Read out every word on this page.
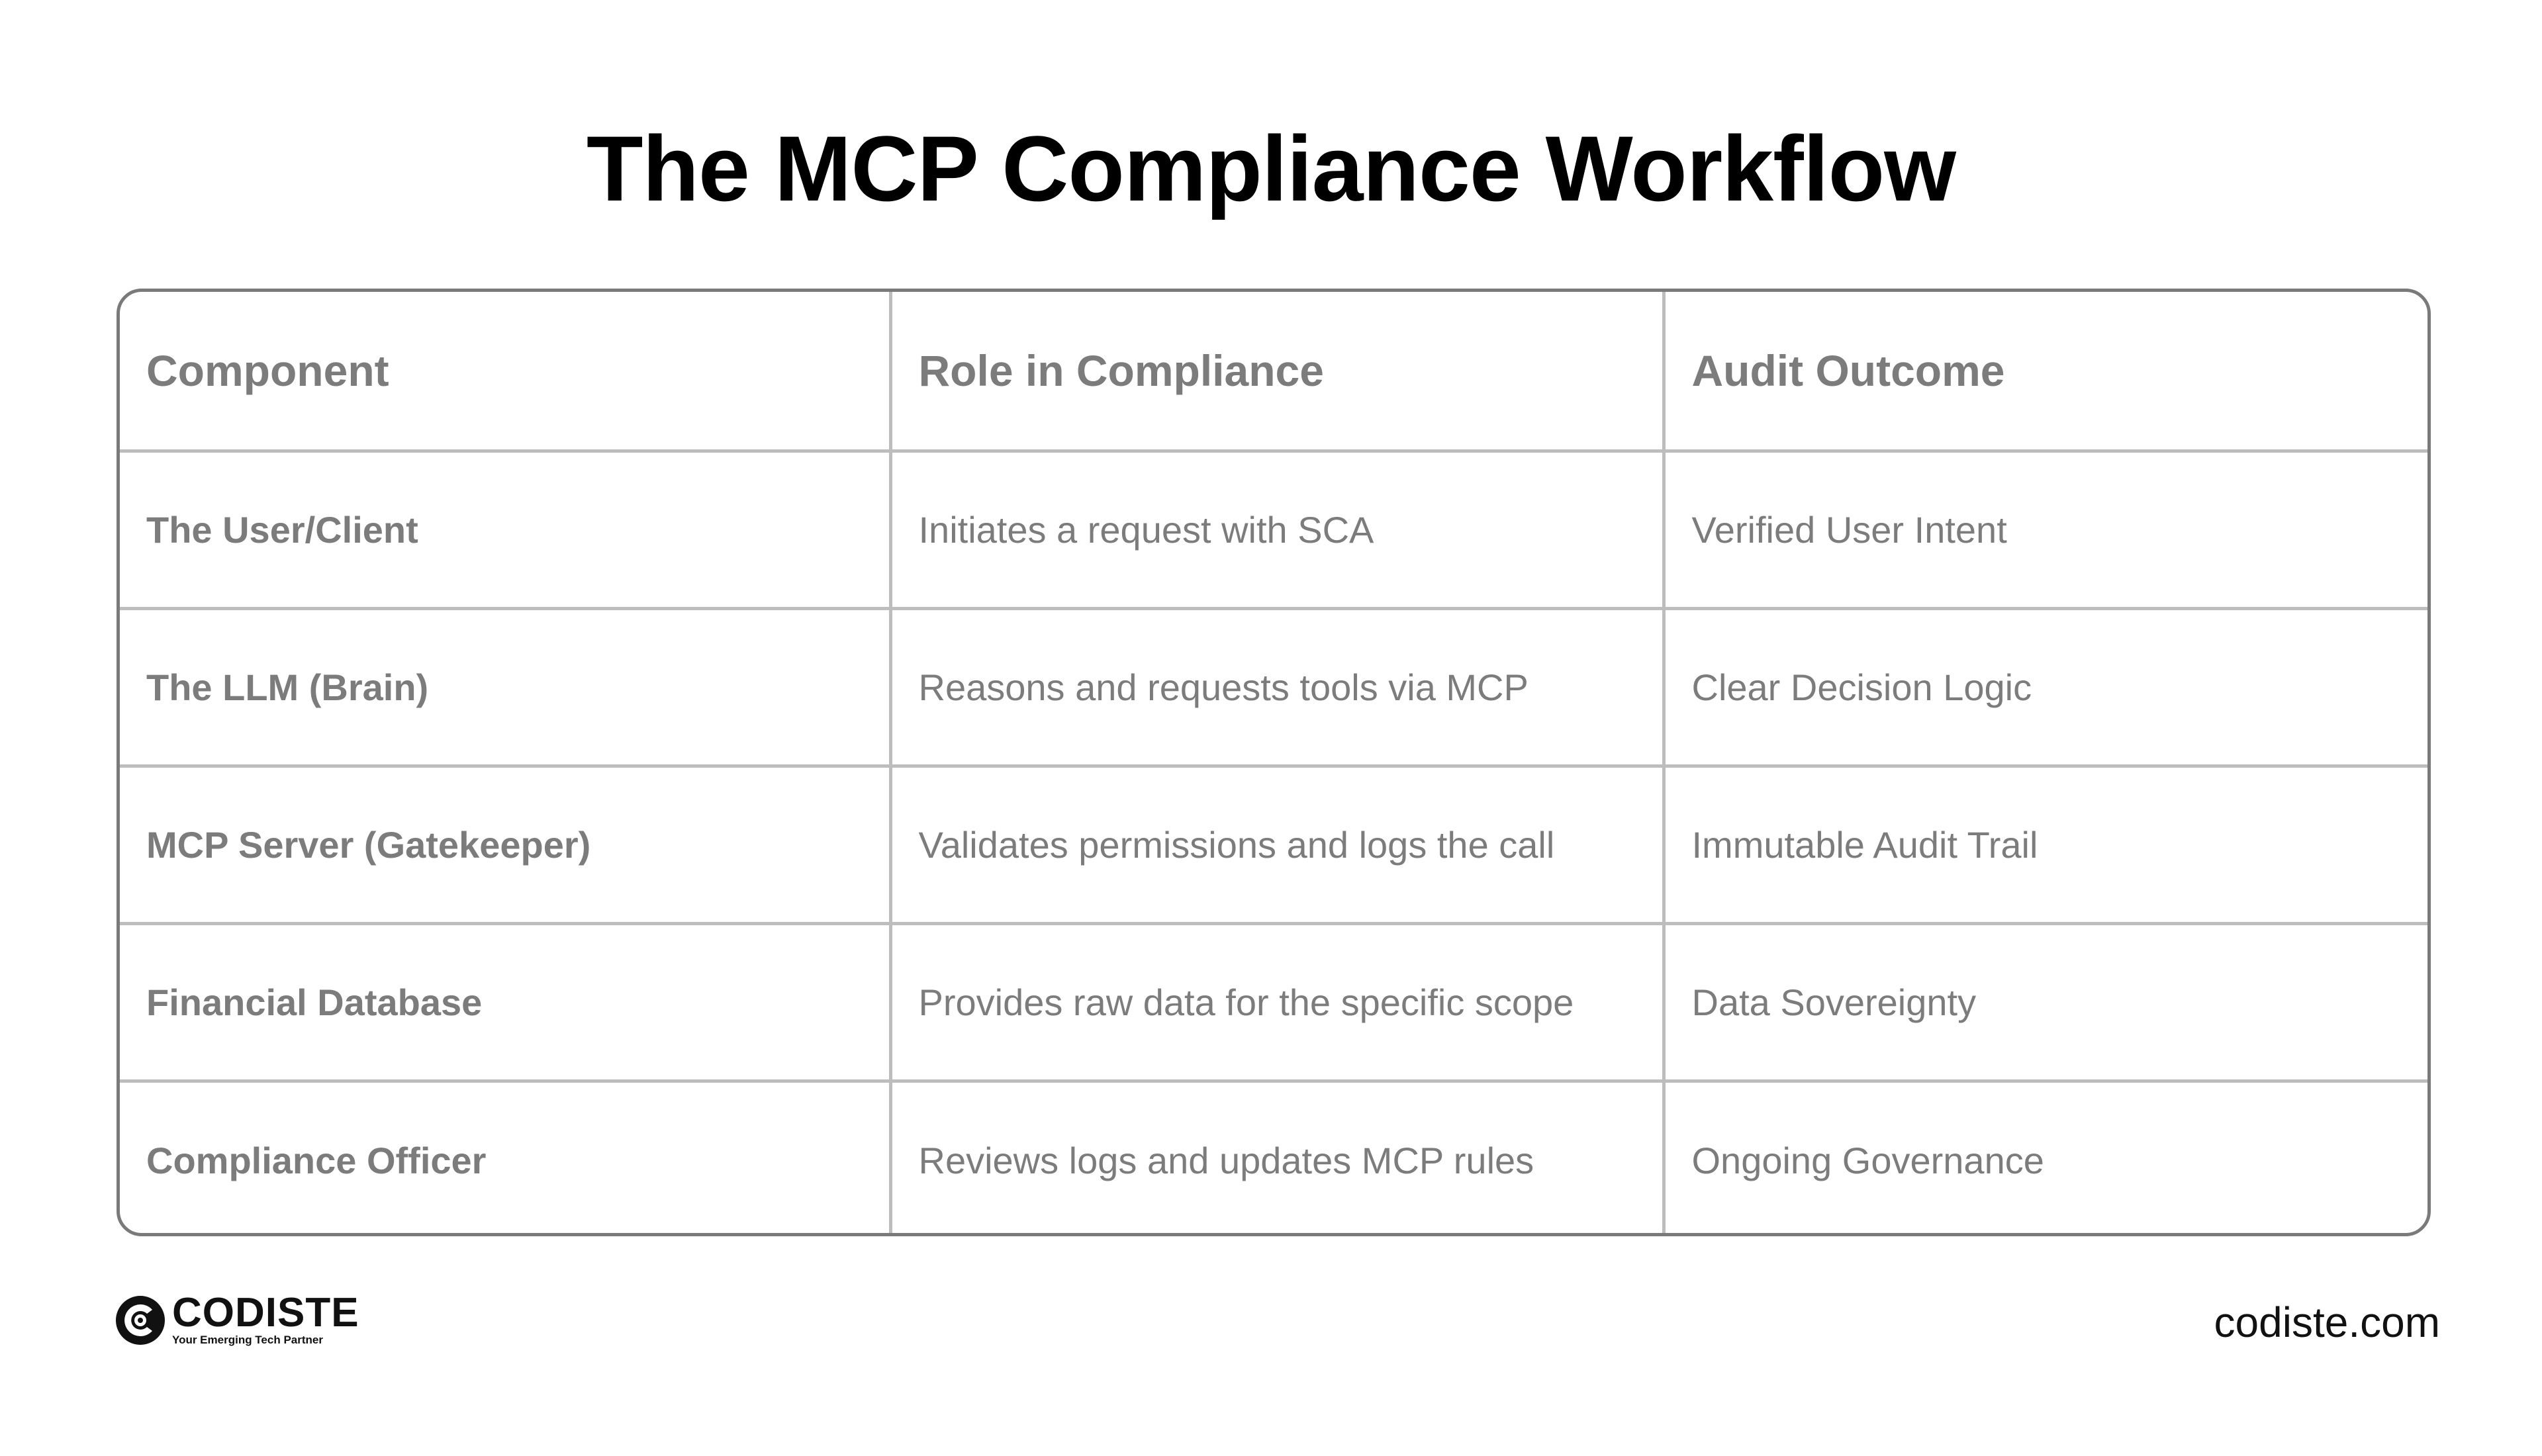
The MCP Compliance Workflow
Component	Role in Compliance	Audit Outcome
The User/Client	Initiates a request with SCA	Verified User Intent
The LLM (Brain)	Reasons and requests tools via MCP	Clear Decision Logic
MCP Server (Gatekeeper)	Validates permissions and logs the call	Immutable Audit Trail
Financial Database	Provides raw data for the specific scope	Data Sovereignty
Compliance Officer	Reviews logs and updates MCP rules	Ongoing Governance
CODISTE
Your Emerging Tech Partner	codiste.com
